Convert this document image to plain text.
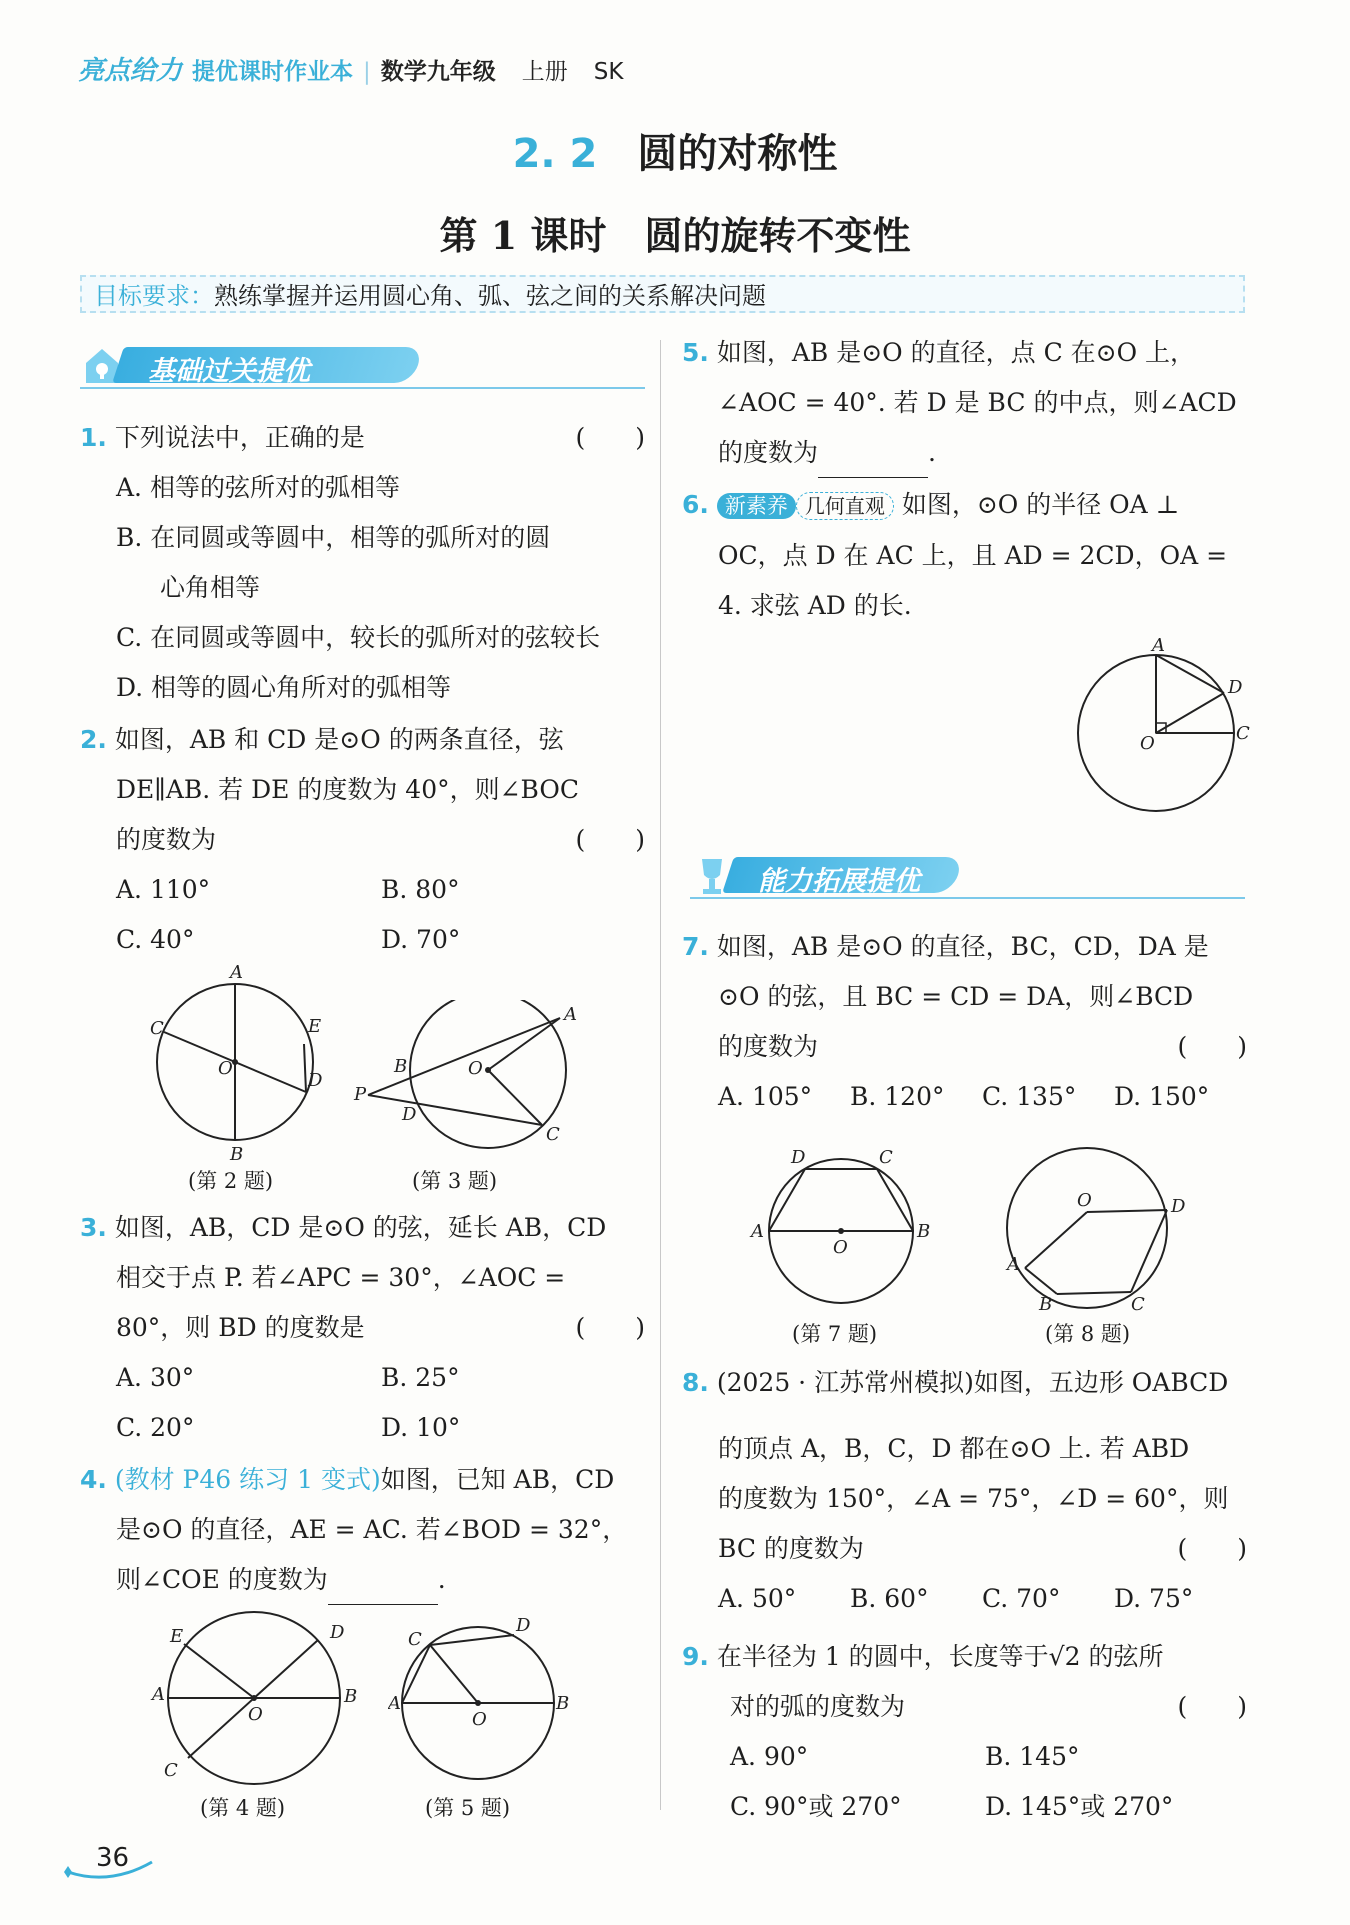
亮点给力 提优课时作业本 | 数学九年级 上册 SK
2. 2 圆的对称性
第 1 课时　圆的旋转不变性
目标要求：熟练掌握并运用圆心角、弧、弦之间的关系解决问题
基础过关提优
1. 下列说法中，正确的是
A. 相等的弦所对的弧相等
B. 在同圆或等圆中，相等的弧所对的圆
心角相等
C. 在同圆或等圆中，较长的弧所对的弦较长
D. 相等的圆心角所对的弧相等
(　　)
2. 如图，AB 和 CD 是⊙O 的两条直径，弦
DE∥AB. 若 DE 的度数为 40°，则∠BOC
的度数为
A. 110°	B. 80°
C. 40°	D. 70°
(　　)
A
C	E
D
O
B
P
B
D
O
A
C
(第 2 题)	(第 3 题)
3. 如图，AB，CD 是⊙O 的弦，延长 AB，CD
相交于点 P. 若∠APC = 30°，∠AOC =
80°，则 BD 的度数是
A. 30°	B. 25°
C. 20°	D. 10°
(　　)
4. (教材 P46 练习 1 变式)如图，已知 AB，CD
是⊙O 的直径，AE = AC. 若∠BOD = 32°，
则∠COE 的度数为	.
E	D
A	B
O
C
C
D
A	B
O
(第 4 题)	(第 5 题)
5. 如图，AB 是⊙O 的直径，点 C 在⊙O 上，
∠AOC = 40°. 若 D 是 BC 的中点，则∠ACD
的度数为	.
6. 新素养 几何直观 如图，⊙O 的半径 OA ⊥
OC，点 D 在 AC 上，且 AD = 2CD，OA =
4. 求弦 AD 的长.
A
D
C
O
能力拓展提优
7. 如图，AB 是⊙O 的直径，BC，CD，DA 是
⊙O 的弦，且 BC = CD = DA，则∠BCD
的度数为
A. 105° B. 120° C. 135° D. 150°
(　　)
D	C
A	B
O
O	D
A
B	C
(第 7 题)	(第 8 题)
8. (2025 · 江苏常州模拟)如图，五边形 OABCD
的顶点 A，B，C，D 都在⊙O 上. 若 ABD
的度数为 150°，∠A = 75°，∠D = 60°，则
BC 的度数为
A. 50° B. 60° C. 70° D. 75°
(　　)
9. 在半径为 1 的圆中，长度等于√2 的弦所
对的弧的度数为
A. 90°	B. 145°
C. 90°或 270°	D. 145°或 270°
(　　)
36
